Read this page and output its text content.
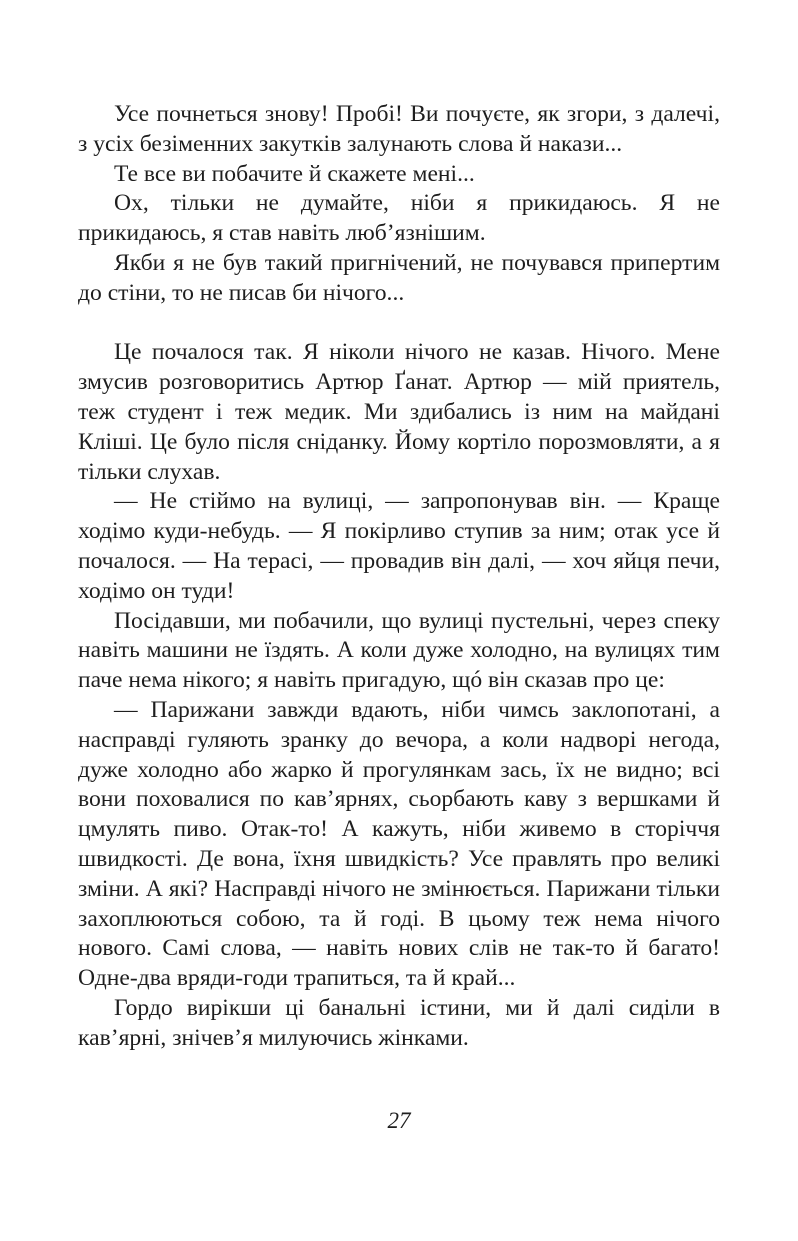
Усе почнеться знову! Пробі! Ви почуєте, як згори, з далечі, з усіх безіменних закутків залунають слова й накази...

Те все ви побачите й скажете мені...

Ох, тільки не думайте, ніби я прикидаюсь. Я не прикидаюсь, я став навіть люб’язнішим.

Якби я не був такий пригнічений, не почувався припертим до стіни, то не писав би нічого...

Це почалося так. Я ніколи нічого не казав. Нічого. Мене змусив розговоритись Артюр Ґанат. Артюр — мій приятель, теж студент і теж медик. Ми здибались із ним на майдані Кліші. Це було після сніданку. Йому кортіло порозмовляти, а я тільки слухав.

— Не стіймо на вулиці, — запропонував він. — Краще ходімо куди-небудь. — Я покірливо ступив за ним; отак усе й почалося. — На терасі, — провадив він далі, — хоч яйця печи, ходімо он туди!

Посідавши, ми побачили, що вулиці пустельні, через спеку навіть машини не їздять. А коли дуже холодно, на вулицях тим паче нема нікого; я навіть пригадую, щó він сказав про це:

— Парижани завжди вдають, ніби чимсь заклопотані, а насправді гуляють зранку до вечора, а коли надворі негода, дуже холодно або жарко й прогулянкам зась, їх не видно; всі вони поховалися по кав’ярнях, сьорбають каву з вершками й цмулять пиво. Отак-то! А кажуть, ніби живемо в сторіччя швидкості. Де вона, їхня швидкість? Усе правлять про великі зміни. А які? Насправді нічого не змінюється. Парижани тільки захоплюються собою, та й годі. В цьому теж нема нічого нового. Самі слова, — навіть нових слів не так-то й багато! Одне-два вряди-годи трапиться, та й край...

Гордо вирікши ці банальні істини, ми й далі сиділи в кав’ярні, знічев’я милуючись жінками.

27
